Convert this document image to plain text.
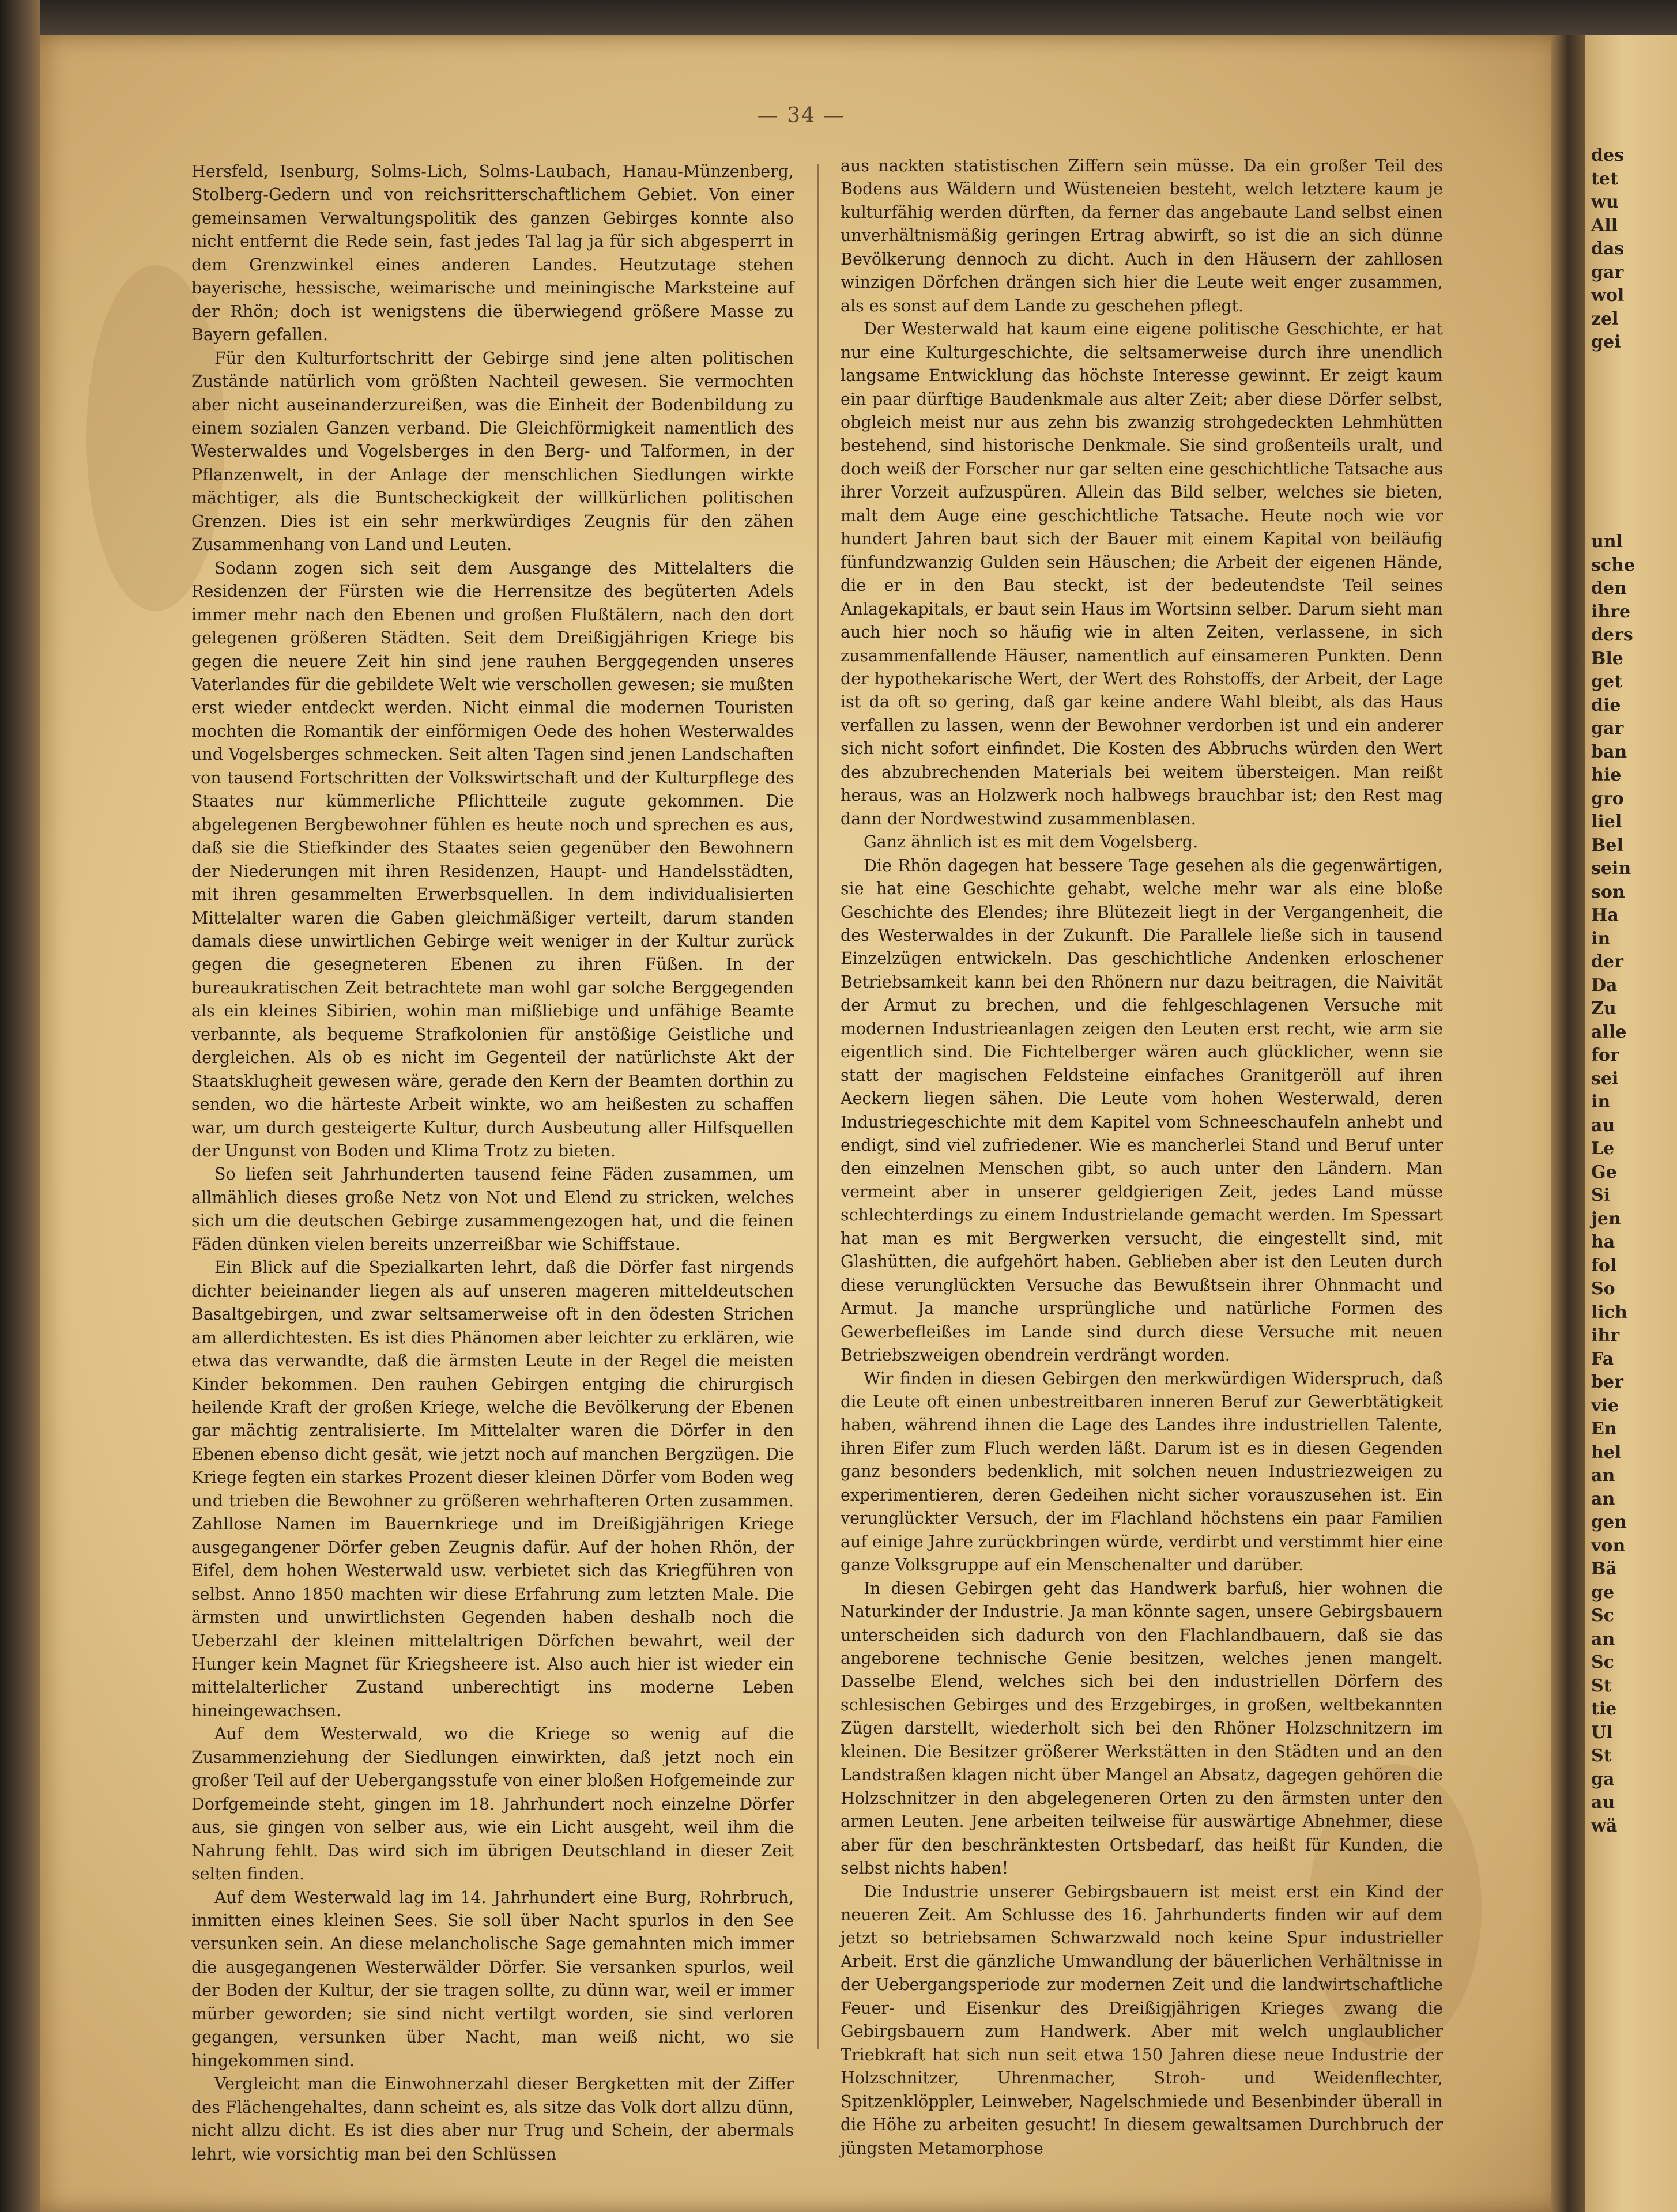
— 34 —

Hersfeld, Isenburg, Solms-Lich, Solms-Laubach, Hanau-Münzenberg, Stolberg-Gedern und von reichsritterschaftlichem Gebiet. Von einer gemeinsamen Verwaltungspolitik des ganzen Gebirges konnte also nicht entfernt die Rede sein, fast jedes Tal lag ja für sich abgesperrt in dem Grenzwinkel eines anderen Landes. Heutzutage stehen bayerische, hessische, weimarische und meiningische Marksteine auf der Rhön; doch ist wenigstens die überwiegend größere Masse zu Bayern gefallen.

Für den Kulturfortschritt der Gebirge sind jene alten politischen Zustände natürlich vom größten Nachteil gewesen. Sie vermochten aber nicht auseinanderzureißen, was die Einheit der Bodenbildung zu einem sozialen Ganzen verband. Die Gleichförmigkeit namentlich des Westerwaldes und Vogelsberges in den Berg- und Talformen, in der Pflanzenwelt, in der Anlage der menschlichen Siedlungen wirkte mächtiger, als die Buntscheckigkeit der willkürlichen politischen Grenzen. Dies ist ein sehr merkwürdiges Zeugnis für den zähen Zusammenhang von Land und Leuten.

Sodann zogen sich seit dem Ausgange des Mittelalters die Residenzen der Fürsten wie die Herrensitze des begüterten Adels immer mehr nach den Ebenen und großen Flußtälern, nach den dort gelegenen größeren Städten. Seit dem Dreißigjährigen Kriege bis gegen die neuere Zeit hin sind jene rauhen Berggegenden unseres Vaterlandes für die gebildete Welt wie verschollen gewesen; sie mußten erst wieder entdeckt werden. Nicht einmal die modernen Touristen mochten die Romantik der einförmigen Oede des hohen Westerwaldes und Vogelsberges schmecken. Seit alten Tagen sind jenen Landschaften von tausend Fortschritten der Volkswirtschaft und der Kulturpflege des Staates nur kümmerliche Pflichtteile zugute gekommen. Die abgelegenen Bergbewohner fühlen es heute noch und sprechen es aus, daß sie die Stiefkinder des Staates seien gegenüber den Bewohnern der Niederungen mit ihren Residenzen, Haupt- und Handelsstädten, mit ihren gesammelten Erwerbsquellen. In dem individualisierten Mittelalter waren die Gaben gleichmäßiger verteilt, darum standen damals diese unwirtlichen Gebirge weit weniger in der Kultur zurück gegen die gesegneteren Ebenen zu ihren Füßen. In der bureaukratischen Zeit betrachtete man wohl gar solche Berggegenden als ein kleines Sibirien, wohin man mißliebige und unfähige Beamte verbannte, als bequeme Strafkolonien für anstößige Geistliche und dergleichen. Als ob es nicht im Gegenteil der natürlichste Akt der Staatsklugheit gewesen wäre, gerade den Kern der Beamten dorthin zu senden, wo die härteste Arbeit winkte, wo am heißesten zu schaffen war, um durch gesteigerte Kultur, durch Ausbeutung aller Hilfsquellen der Ungunst von Boden und Klima Trotz zu bieten.

So liefen seit Jahrhunderten tausend feine Fäden zusammen, um allmählich dieses große Netz von Not und Elend zu stricken, welches sich um die deutschen Gebirge zusammengezogen hat, und die feinen Fäden dünken vielen bereits unzerreißbar wie Schiffstaue.

Ein Blick auf die Spezialkarten lehrt, daß die Dörfer fast nirgends dichter beieinander liegen als auf unseren mageren mitteldeutschen Basaltgebirgen, und zwar seltsamerweise oft in den ödesten Strichen am allerdichtesten. Es ist dies Phänomen aber leichter zu erklären, wie etwa das verwandte, daß die ärmsten Leute in der Regel die meisten Kinder bekommen. Den rauhen Gebirgen entging die chirurgisch heilende Kraft der großen Kriege, welche die Bevölkerung der Ebenen gar mächtig zentralisierte. Im Mittelalter waren die Dörfer in den Ebenen ebenso dicht gesät, wie jetzt noch auf manchen Bergzügen. Die Kriege fegten ein starkes Prozent dieser kleinen Dörfer vom Boden weg und trieben die Bewohner zu größeren wehrhafteren Orten zusammen. Zahllose Namen im Bauernkriege und im Dreißigjährigen Kriege ausgegangener Dörfer geben Zeugnis dafür. Auf der hohen Rhön, der Eifel, dem hohen Westerwald usw. verbietet sich das Kriegführen von selbst. Anno 1850 machten wir diese Erfahrung zum letzten Male. Die ärmsten und unwirtlichsten Gegenden haben deshalb noch die Ueberzahl der kleinen mittelaltrigen Dörfchen bewahrt, weil der Hunger kein Magnet für Kriegsheere ist. Also auch hier ist wieder ein mittelalterlicher Zustand unberechtigt ins moderne Leben hineingewachsen.

Auf dem Westerwald, wo die Kriege so wenig auf die Zusammenziehung der Siedlungen einwirkten, daß jetzt noch ein großer Teil auf der Uebergangsstufe von einer bloßen Hofgemeinde zur Dorfgemeinde steht, gingen im 18. Jahrhundert noch einzelne Dörfer aus, sie gingen von selber aus, wie ein Licht ausgeht, weil ihm die Nahrung fehlt. Das wird sich im übrigen Deutschland in dieser Zeit selten finden.

Auf dem Westerwald lag im 14. Jahrhundert eine Burg, Rohrbruch, inmitten eines kleinen Sees. Sie soll über Nacht spurlos in den See versunken sein. An diese melancholische Sage gemahnten mich immer die ausgegangenen Westerwälder Dörfer. Sie versanken spurlos, weil der Boden der Kultur, der sie tragen sollte, zu dünn war, weil er immer mürber geworden; sie sind nicht vertilgt worden, sie sind verloren gegangen, versunken über Nacht, man weiß nicht, wo sie hingekommen sind.

Vergleicht man die Einwohnerzahl dieser Bergketten mit der Ziffer des Flächengehaltes, dann scheint es, als sitze das Volk dort allzu dünn, nicht allzu dicht. Es ist dies aber nur Trug und Schein, der abermals lehrt, wie vorsichtig man bei den Schlüssen

aus nackten statistischen Ziffern sein müsse. Da ein großer Teil des Bodens aus Wäldern und Wüsteneien besteht, welch letztere kaum je kulturfähig werden dürften, da ferner das angebaute Land selbst einen unverhältnismäßig geringen Ertrag abwirft, so ist die an sich dünne Bevölkerung dennoch zu dicht. Auch in den Häusern der zahllosen winzigen Dörfchen drängen sich hier die Leute weit enger zusammen, als es sonst auf dem Lande zu geschehen pflegt.

Der Westerwald hat kaum eine eigene politische Geschichte, er hat nur eine Kulturgeschichte, die seltsamerweise durch ihre unendlich langsame Entwicklung das höchste Interesse gewinnt. Er zeigt kaum ein paar dürftige Baudenkmale aus alter Zeit; aber diese Dörfer selbst, obgleich meist nur aus zehn bis zwanzig strohgedeckten Lehmhütten bestehend, sind historische Denkmale. Sie sind großenteils uralt, und doch weiß der Forscher nur gar selten eine geschichtliche Tatsache aus ihrer Vorzeit aufzuspüren. Allein das Bild selber, welches sie bieten, malt dem Auge eine geschichtliche Tatsache. Heute noch wie vor hundert Jahren baut sich der Bauer mit einem Kapital von beiläufig fünfundzwanzig Gulden sein Häuschen; die Arbeit der eigenen Hände, die er in den Bau steckt, ist der bedeutendste Teil seines Anlagekapitals, er baut sein Haus im Wortsinn selber. Darum sieht man auch hier noch so häufig wie in alten Zeiten, verlassene, in sich zusammenfallende Häuser, namentlich auf einsameren Punkten. Denn der hypothekarische Wert, der Wert des Rohstoffs, der Arbeit, der Lage ist da oft so gering, daß gar keine andere Wahl bleibt, als das Haus verfallen zu lassen, wenn der Bewohner verdorben ist und ein anderer sich nicht sofort einfindet. Die Kosten des Abbruchs würden den Wert des abzubrechenden Materials bei weitem übersteigen. Man reißt heraus, was an Holzwerk noch halbwegs brauchbar ist; den Rest mag dann der Nordwestwind zusammenblasen.

Ganz ähnlich ist es mit dem Vogelsberg.

Die Rhön dagegen hat bessere Tage gesehen als die gegenwärtigen, sie hat eine Geschichte gehabt, welche mehr war als eine bloße Geschichte des Elendes; ihre Blütezeit liegt in der Vergangenheit, die des Westerwaldes in der Zukunft. Die Parallele ließe sich in tausend Einzelzügen entwickeln. Das geschichtliche Andenken erloschener Betriebsamkeit kann bei den Rhönern nur dazu beitragen, die Naivität der Armut zu brechen, und die fehlgeschlagenen Versuche mit modernen Industrieanlagen zeigen den Leuten erst recht, wie arm sie eigentlich sind. Die Fichtelberger wären auch glücklicher, wenn sie statt der magischen Feldsteine einfaches Granitgeröll auf ihren Aeckern liegen sähen. Die Leute vom hohen Westerwald, deren Industriegeschichte mit dem Kapitel vom Schneeschaufeln anhebt und endigt, sind viel zufriedener. Wie es mancherlei Stand und Beruf unter den einzelnen Menschen gibt, so auch unter den Ländern. Man vermeint aber in unserer geldgierigen Zeit, jedes Land müsse schlechterdings zu einem Industrielande gemacht werden. Im Spessart hat man es mit Bergwerken versucht, die eingestellt sind, mit Glashütten, die aufgehört haben. Geblieben aber ist den Leuten durch diese verunglückten Versuche das Bewußtsein ihrer Ohnmacht und Armut. Ja manche ursprüngliche und natürliche Formen des Gewerbefleißes im Lande sind durch diese Versuche mit neuen Betriebszweigen obendrein verdrängt worden.

Wir finden in diesen Gebirgen den merkwürdigen Widerspruch, daß die Leute oft einen unbestreitbaren inneren Beruf zur Gewerbtätigkeit haben, während ihnen die Lage des Landes ihre industriellen Talente, ihren Eifer zum Fluch werden läßt. Darum ist es in diesen Gegenden ganz besonders bedenklich, mit solchen neuen Industriezweigen zu experimentieren, deren Gedeihen nicht sicher vorauszusehen ist. Ein verunglückter Versuch, der im Flachland höchstens ein paar Familien auf einige Jahre zurückbringen würde, verdirbt und verstimmt hier eine ganze Volksgruppe auf ein Menschenalter und darüber.

In diesen Gebirgen geht das Handwerk barfuß, hier wohnen die Naturkinder der Industrie. Ja man könnte sagen, unsere Gebirgsbauern unterscheiden sich dadurch von den Flachlandbauern, daß sie das angeborene technische Genie besitzen, welches jenen mangelt. Dasselbe Elend, welches sich bei den industriellen Dörfern des schlesischen Gebirges und des Erzgebirges, in großen, weltbekannten Zügen darstellt, wiederholt sich bei den Rhöner Holzschnitzern im kleinen. Die Besitzer größerer Werkstätten in den Städten und an den Landstraßen klagen nicht über Mangel an Absatz, dagegen gehören die Holzschnitzer in den abgelegeneren Orten zu den ärmsten unter den armen Leuten. Jene arbeiten teilweise für auswärtige Abnehmer, diese aber für den beschränktesten Ortsbedarf, das heißt für Kunden, die selbst nichts haben!

Die Industrie unserer Gebirgsbauern ist meist erst ein Kind der neueren Zeit. Am Schlusse des 16. Jahrhunderts finden wir auf dem jetzt so betriebsamen Schwarzwald noch keine Spur industrieller Arbeit. Erst die gänzliche Umwandlung der bäuerlichen Verhältnisse in der Uebergangsperiode zur modernen Zeit und die landwirtschaftliche Feuer- und Eisenkur des Dreißigjährigen Krieges zwang die Gebirgsbauern zum Handwerk. Aber mit welch unglaublicher Triebkraft hat sich nun seit etwa 150 Jahren diese neue Industrie der Holzschnitzer, Uhrenmacher, Stroh- und Weidenflechter, Spitzenklöppler, Leinweber, Nagelschmiede und Besenbinder überall in die Höhe zu arbeiten gesucht! In diesem gewaltsamen Durchbruch der jüngsten Metamorphose

des
tet
wu
All
das
gar
wol
zel
gei
unl
sche
den
ihre
ders
Ble
get
die
gar
ban
hie
gro
liel
Bel
sein
son
Ha
in
der
Da
Zu
alle
for
sei
in
au
Le
Ge
Si
jen
ha
fol
So
lich
ihr
Fa
ber
vie
En
hel
an
an
gen
von
Bä
ge
Sc
an
Sc
St
tie
Ul
St
ga
au
wä
